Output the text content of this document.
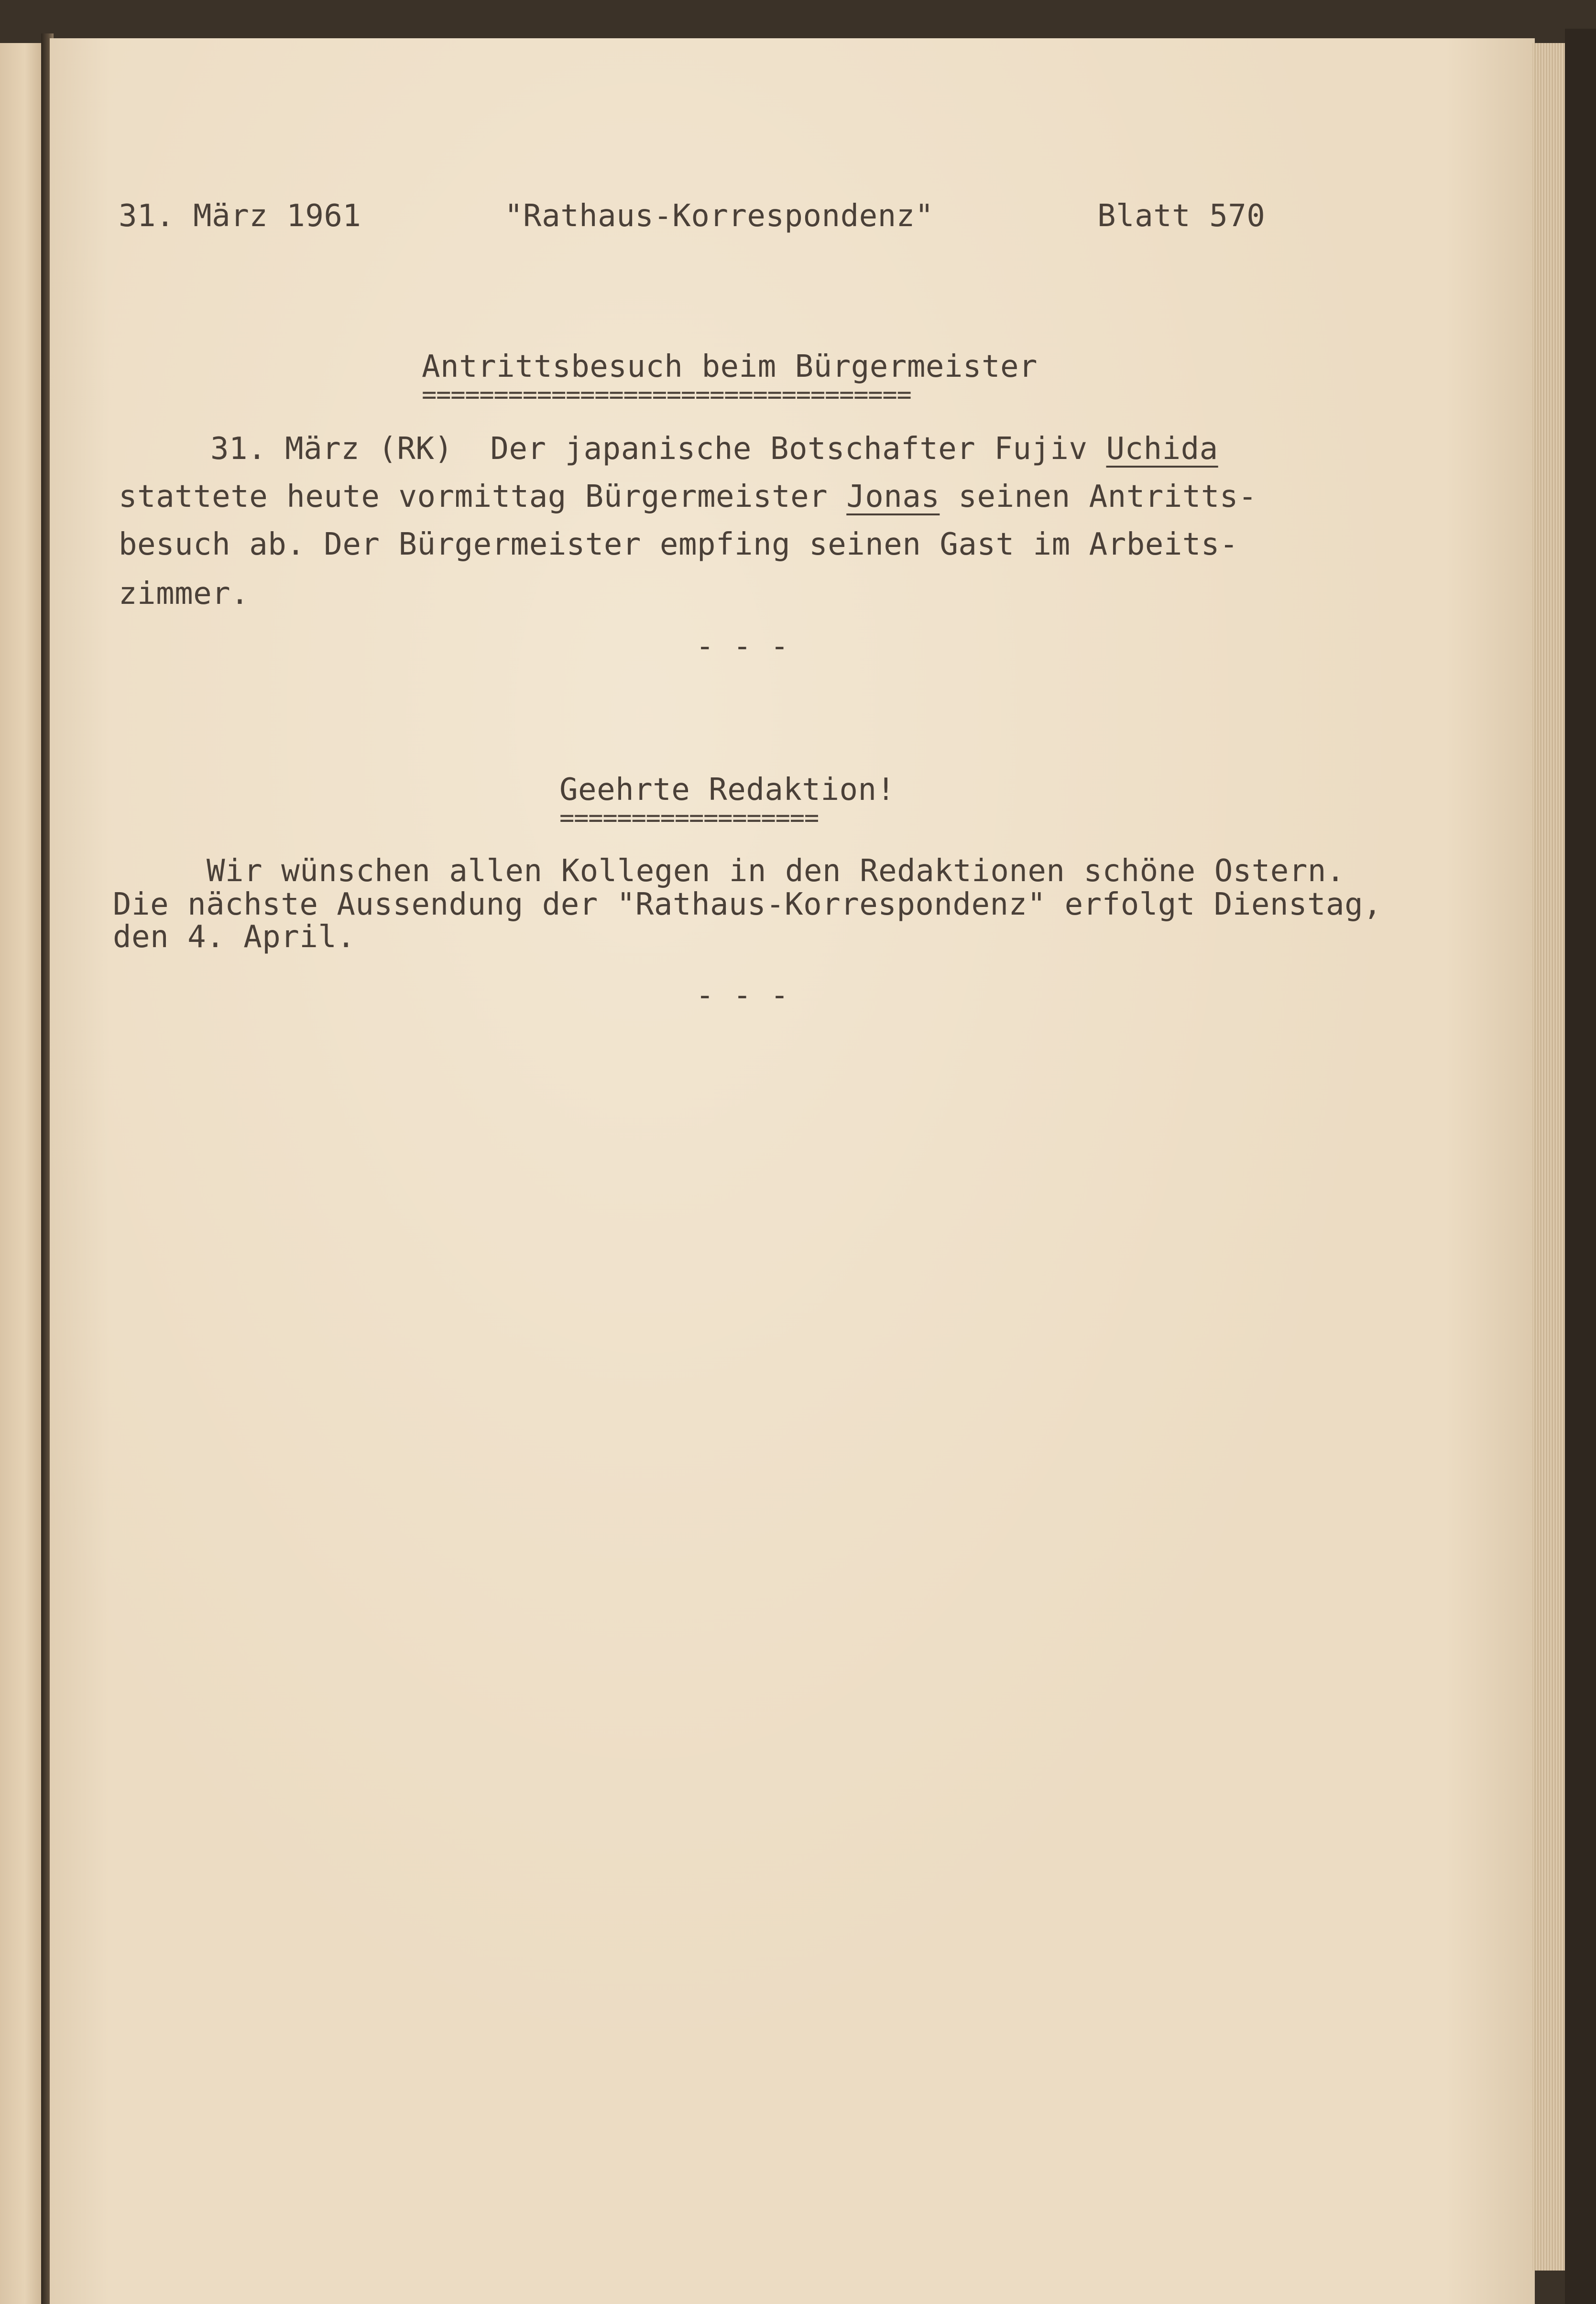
31. März 1961	"Rathaus-Korrespondenz"	Blatt 570
Antrittsbesuch beim Bürgermeister
==================================
31. März (RK)  Der japanische Botschafter Fujiv Uchida
stattete heute vormittag Bürgermeister Jonas seinen Antritts-
besuch ab. Der Bürgermeister empfing seinen Gast im Arbeits-
zimmer.
- - -
Geehrte Redaktion!
==================
Wir wünschen allen Kollegen in den Redaktionen schöne Ostern.
Die nächste Aussendung der "Rathaus-Korrespondenz" erfolgt Dienstag,
den 4. April.
- - -
